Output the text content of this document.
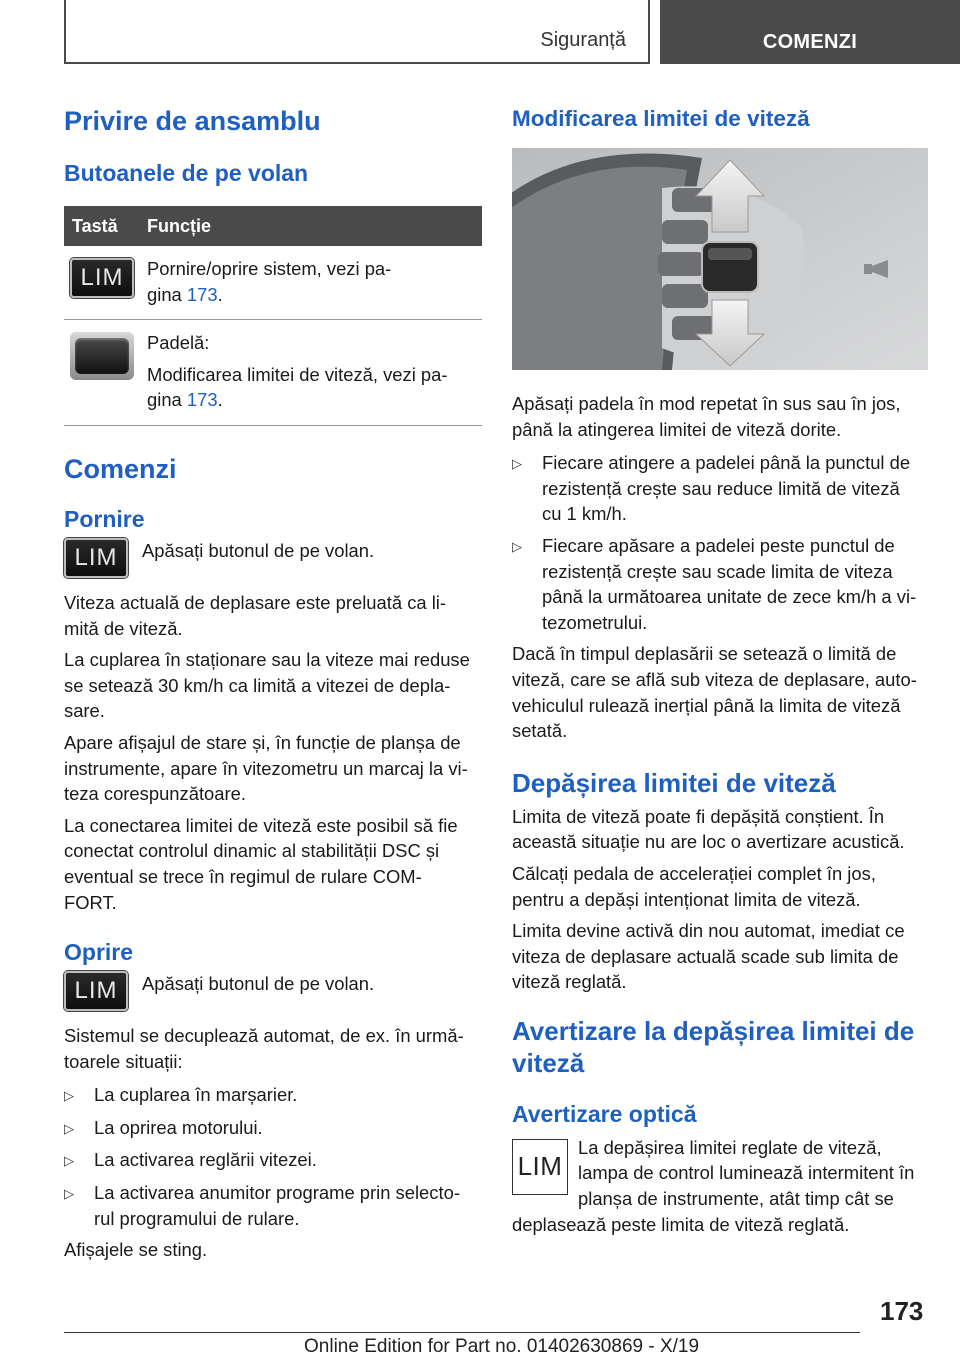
Siguranță	COMENZI
Privire de ansamblu
Butoanele de pe volan
Tastă	Funcție
LIM Pornire/oprire sistem, vezi pa-
gina 173.
Padelă:
Modificarea limitei de viteză, vezi pa-
gina 173.
Comenzi
Pornire
LIM Apăsați butonul de pe volan.
Viteza actuală de deplasare este preluată ca li-
mită de viteză.
La cuplarea în staționare sau la viteze mai reduse
se setează 30 km/h ca limită a vitezei de depla-
sare.
Apare afișajul de stare și, în funcție de planșa de
instrumente, apare în vitezometru un marcaj la vi-
teza corespunzătoare.
La conectarea limitei de viteză este posibil să fie
conectat controlul dinamic al stabilității DSC și
eventual se trece în regimul de rulare COM-
FORT.
Oprire
LIM Apăsați butonul de pe volan.
Sistemul se decuplează automat, de ex. în urmă-
toarele situații:
▷	La cuplarea în marșarier.
▷	La oprirea motorului.
▷	La activarea reglării vitezei.
▷	La activarea anumitor programe prin selecto-
rul programului de rulare.
Afișajele se sting.
Modificarea limitei de viteză
Apăsați padela în mod repetat în sus sau în jos,
până la atingerea limitei de viteză dorite.
▷	Fiecare atingere a padelei până la punctul de
rezistență crește sau reduce limită de viteză
cu 1 km/h.
▷	Fiecare apăsare a padelei peste punctul de
rezistență crește sau scade limita de viteza
până la următoarea unitate de zece km/h a vi-
tezometrului.
Dacă în timpul deplasării se setează o limită de
viteză, care se află sub viteza de deplasare, auto-
vehiculul rulează inerțial până la limita de viteză
setată.
Depășirea limitei de viteză
Limita de viteză poate fi depășită conștient. În
această situație nu are loc o avertizare acustică.
Călcați pedala de accelerației complet în jos,
pentru a depăși intenționat limita de viteză.
Limita devine activă din nou automat, imediat ce
viteza de deplasare actuală scade sub limita de
viteză reglată.
Avertizare la depășirea limitei de
viteză
Avertizare optică
LIM
La depășirea limitei reglate de viteză,
lampa de control luminează intermitent în
planșa de instrumente, atât timp cât se
deplasează peste limita de viteză reglată.
173
Online Edition for Part no. 01402630869 - X/19
